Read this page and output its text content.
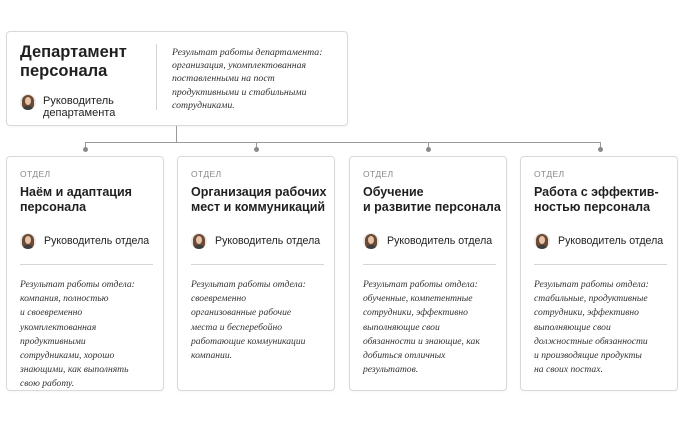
Департамент персонала
Руководитель департамента
Результат работы департамента: организация, укомплектованная поставленными на пост продуктивными и стабильными сотрудниками.
ОТДЕЛ
Наём и адаптация персонала
Руководитель отдела
Результат работы отдела:
компания, полностью
и своевременно
укомплектованная
продуктивными
сотрудниками, хорошо
знающими, как выполнять
свою работу.
ОТДЕЛ
Организация рабочих мест и коммуникаций
Руководитель отдела
Результат работы отдела:
своевременно
организованные рабочие
места и бесперебойно
работающие коммуникации
компании.
ОТДЕЛ
Обучение
и развитие персонала
Руководитель отдела
Результат работы отдела:
обученные, компетентные
сотрудники, эффективно
выполняющие свои
обязанности и знающие, как
добиться отличных
результатов.
ОТДЕЛ
Работа с эффектив-
ностью персонала
Руководитель отдела
Результат работы отдела:
стабильные, продуктивные
сотрудники, эффективно
выполняющие свои
должностные обязанности
и производящие продукты
на своих постах.
